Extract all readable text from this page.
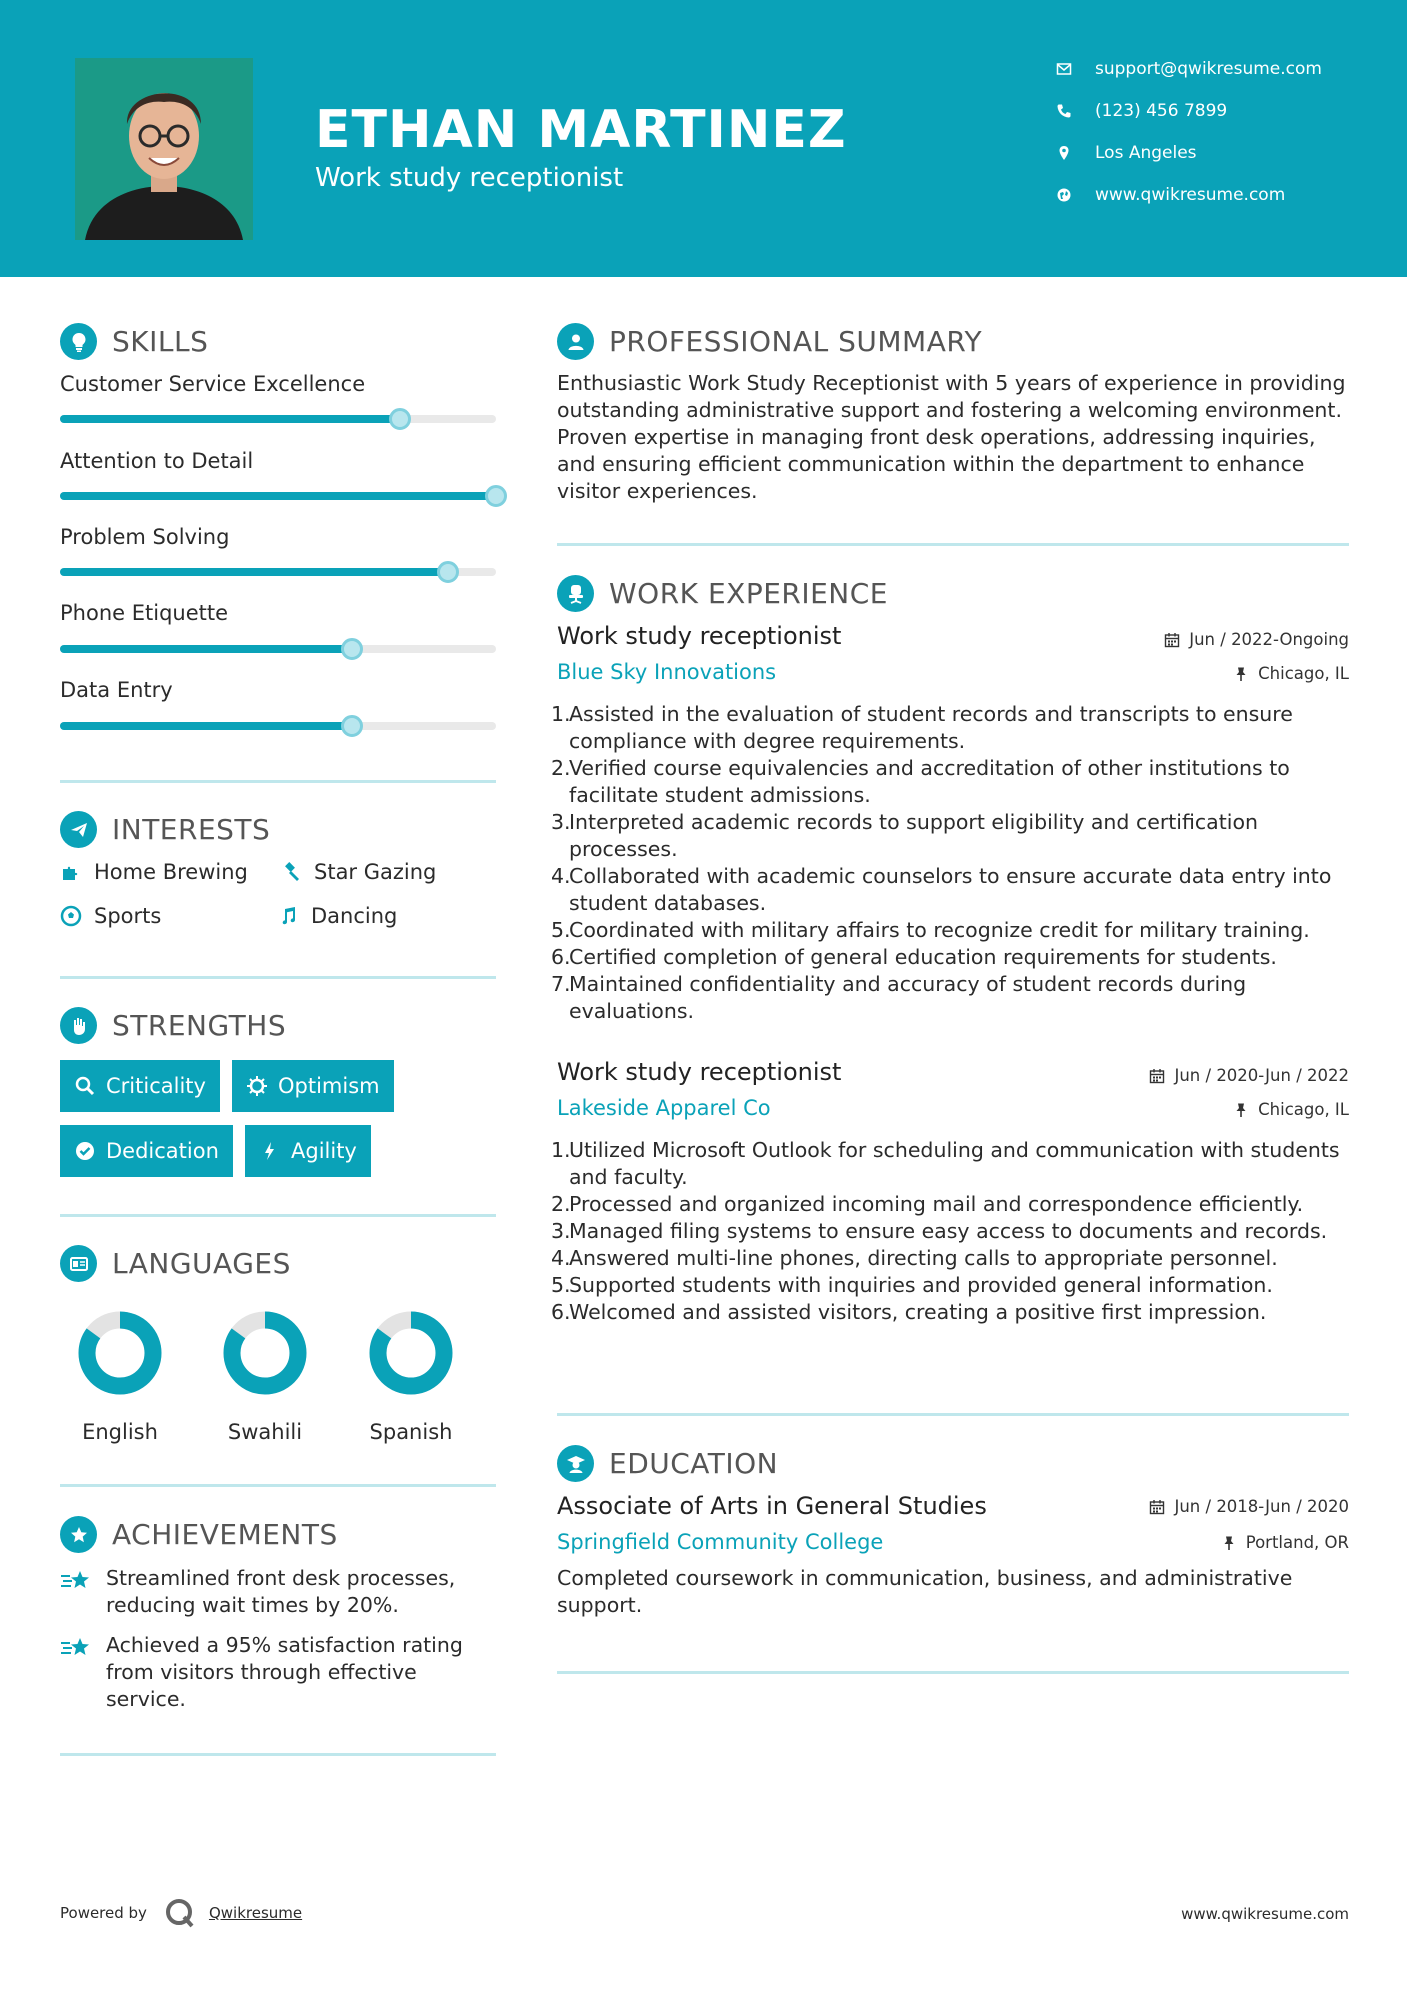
ETHAN MARTINEZ
Work study receptionist
support@qwikresume.com
(123) 456 7899
Los Angeles
www.qwikresume.com
SKILLS
Customer Service Excellence
Attention to Detail
Problem Solving
Phone Etiquette
Data Entry
INTERESTS
Home Brewing	Star Gazing
Sports	Dancing
STRENGTHS
Criticality	Optimism
Dedication	Agility
LANGUAGES
English	Swahili	Spanish
ACHIEVEMENTS
Streamlined front desk processes, reducing wait times by 20%.
Achieved a 95% satisfaction rating from visitors through effective service.
PROFESSIONAL SUMMARY
Enthusiastic Work Study Receptionist with 5 years of experience in providing outstanding administrative support and fostering a welcoming environment. Proven expertise in managing front desk operations, addressing inquiries, and ensuring efficient communication within the department to enhance visitor experiences.
WORK EXPERIENCE
Work study receptionist	Jun / 2022-Ongoing
Blue Sky Innovations	Chicago, IL
1.
Assisted in the evaluation of student records and transcripts to ensure compliance with degree requirements.
2.
Verified course equivalencies and accreditation of other institutions to facilitate student admissions.
3.
Interpreted academic records to support eligibility and certification processes.
4.
Collaborated with academic counselors to ensure accurate data entry into student databases.
5.
Coordinated with military affairs to recognize credit for military training.
6.
Certified completion of general education requirements for students.
7.
Maintained confidentiality and accuracy of student records during evaluations.
Work study receptionist	Jun / 2020-Jun / 2022
Lakeside Apparel Co	Chicago, IL
1.
Utilized Microsoft Outlook for scheduling and communication with students and faculty.
2.
Processed and organized incoming mail and correspondence efficiently.
3.
Managed filing systems to ensure easy access to documents and records.
4.
Answered multi-line phones, directing calls to appropriate personnel.
5.
Supported students with inquiries and provided general information.
6.
Welcomed and assisted visitors, creating a positive first impression.
EDUCATION
Associate of Arts in General Studies	Jun / 2018-Jun / 2020
Springfield Community College	Portland, OR
Completed coursework in communication, business, and administrative support.
Powered by	Qwikresume	www.qwikresume.com
